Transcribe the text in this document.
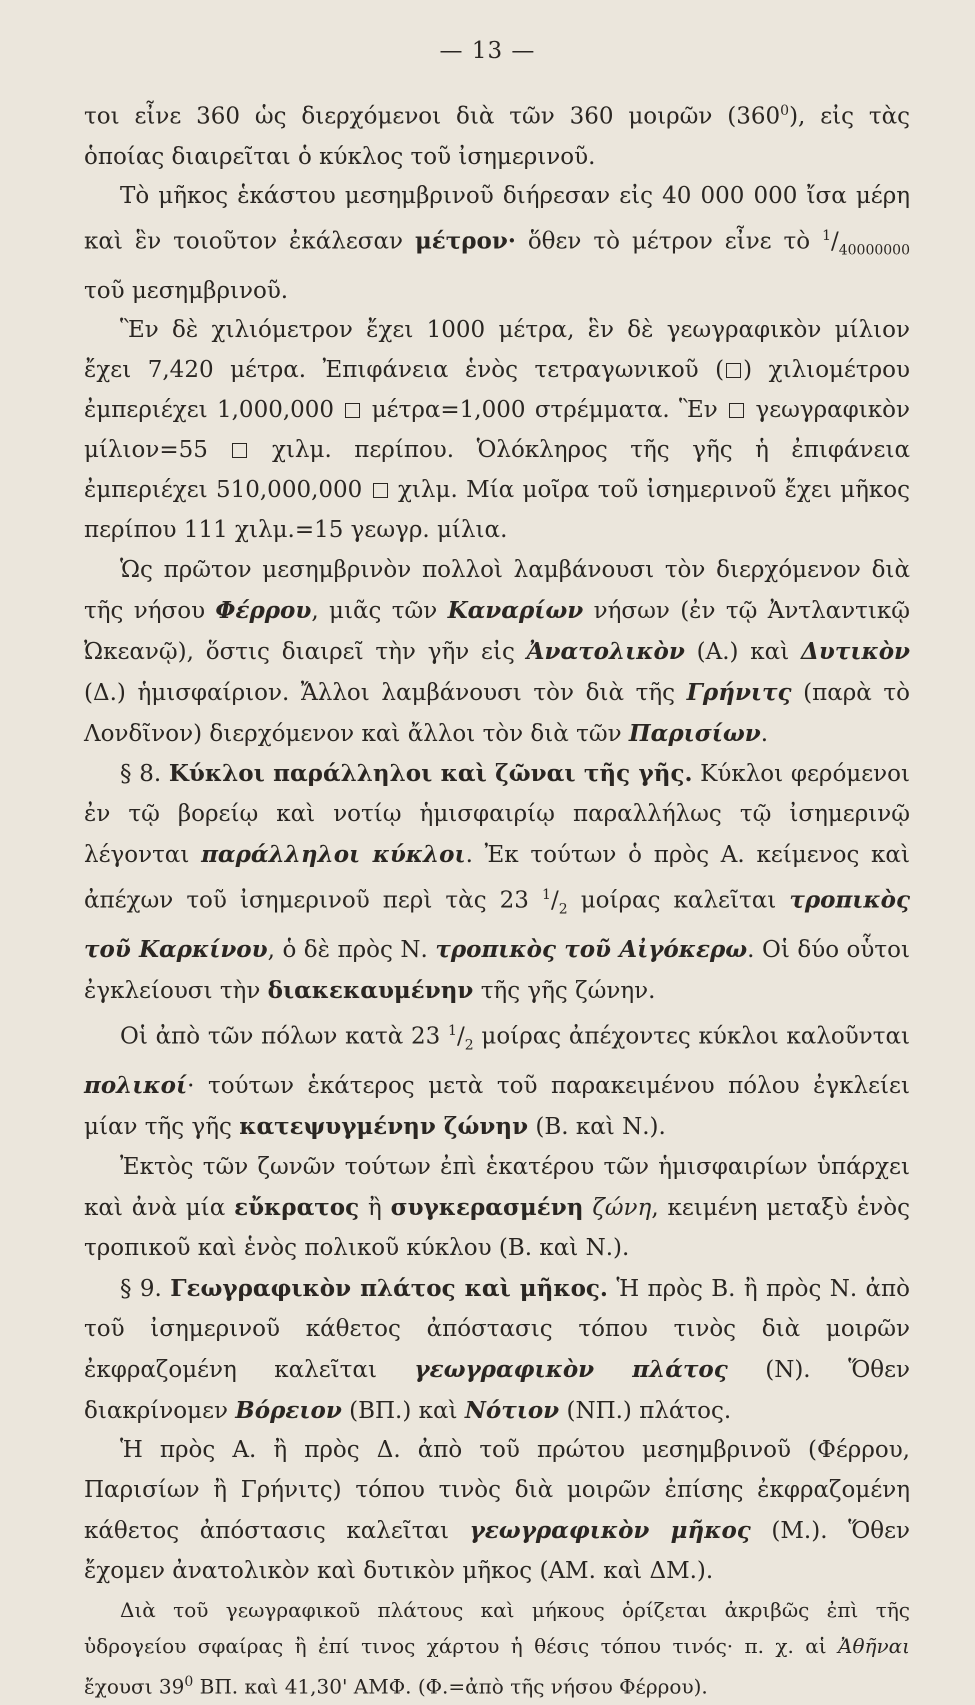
— 13 —

τοι εἶνε 360 ὡς διερχόμενοι διὰ τῶν 360 μοιρῶν $(360^0)$, εἰς τὰς ὁποίας διαιρεῖται ὁ κύκλος τοῦ ἰσημερινοῦ.

Τὸ μῆκος ἑκάστου μεσημβρινοῦ διήρεσαν εἰς 40 000 000 ἴσα μέρη καὶ ἓν τοιοῦτον ἐκάλεσαν μέτρον· ὅθεν τὸ μέτρον εἶνε τὸ $^1/_{40000000}$ τοῦ μεσημβρινοῦ.

Ἓν δὲ χιλιόμετρον ἔχει 1000 μέτρα, ἓν δὲ γεωγραφικὸν μίλιον ἔχει 7,420 μέτρα. Ἐπιφάνεια ἑνὸς τετραγωνικοῦ ( ) χιλιομέτρου ἐμπεριέχει 1,000,000  μέτρα=1,000 στρέμματα. Ἓν  γεωγραφικὸν μίλιον=55  χιλμ. περίπου. Ὁλόκληρος τῆς γῆς ἡ ἐπιφάνεια ἐμπεριέχει 510,000,000  χιλμ. Μία μοῖρα τοῦ ἰσημερινοῦ ἔχει μῆκος περίπου 111 χιλμ.=15 γεωγρ. μίλια.

Ὡς πρῶτον μεσημβρινὸν πολλοὶ λαμβάνουσι τὸν διερχόμενον διὰ τῆς νήσου Φέρρου, μιᾶς τῶν Καναρίων νήσων (ἐν τῷ Ἀντλαντικῷ Ὠκεανῷ), ὅστις διαιρεῖ τὴν γῆν εἰς Ἀνατολικὸν (Α.) καὶ Δυτικὸν (Δ.) ἡμισφαίριον. Ἄλλοι λαμβάνουσι τὸν διὰ τῆς Γρήνιτς (παρὰ τὸ Λονδῖνον) διερχόμενον καὶ ἄλλοι τὸν διὰ τῶν Παρισίων.

§ 8. Κύκλοι παράλληλοι καὶ ζῶναι τῆς γῆς. Κύκλοι φερόμενοι ἐν τῷ βορείῳ καὶ νοτίῳ ἡμισφαιρίῳ παραλλήλως τῷ ἰσημερινῷ λέγονται παράλληλοι κύκλοι. Ἐκ τούτων ὁ πρὸς Α. κείμενος καὶ ἀπέχων τοῦ ἰσημερινοῦ περὶ τὰς 23 $^1/_2$ μοίρας καλεῖται τροπικὸς τοῦ Καρκίνου, ὁ δὲ πρὸς Ν. τροπικὸς τοῦ Αἰγόκερω. Οἱ δύο οὗτοι ἐγκλείουσι τὴν διακεκαυμένην τῆς γῆς ζώνην.

Οἱ ἀπὸ τῶν πόλων κατὰ 23 $^1/_2$ μοίρας ἀπέχοντες κύκλοι καλοῦνται πολικοί· τούτων ἑκάτερος μετὰ τοῦ παρακειμένου πόλου ἐγκλείει μίαν τῆς γῆς κατεψυγμένην ζώνην (Β. καὶ Ν.).

Ἐκτὸς τῶν ζωνῶν τούτων ἐπὶ ἑκατέρου τῶν ἡμισφαιρίων ὑπάρχει καὶ ἀνὰ μία εὔκρατος ἢ συγκερασμένη ζώνη, κειμένη μεταξὺ ἑνὸς τροπικοῦ καὶ ἑνὸς πολικοῦ κύκλου (Β. καὶ Ν.).

§ 9. Γεωγραφικὸν πλάτος καὶ μῆκος. Ἡ πρὸς Β. ἢ πρὸς Ν. ἀπὸ τοῦ ἰσημερινοῦ κάθετος ἀπόστασις τόπου τινὸς διὰ μοιρῶν ἐκφραζομένη καλεῖται γεωγραφικὸν πλάτος (Ν). Ὅθεν διακρίνομεν Βόρειον (ΒΠ.) καὶ Νότιον (ΝΠ.) πλάτος.

Ἡ πρὸς Α. ἢ πρὸς Δ. ἀπὸ τοῦ πρώτου μεσημβρινοῦ (Φέρρου, Παρισίων ἢ Γρήνιτς) τόπου τινὸς διὰ μοιρῶν ἐπίσης ἐκφραζομένη κάθετος ἀπόστασις καλεῖται γεωγραφικὸν μῆκος (Μ.). Ὅθεν ἔχομεν ἀνατολικὸν καὶ δυτικὸν μῆκος (ΑΜ. καὶ ΔΜ.).

Διὰ τοῦ γεωγραφικοῦ πλάτους καὶ μήκους ὁρίζεται ἀκριβῶς ἐπὶ τῆς ὑδρογείου σφαίρας ἢ ἐπί τινος χάρτου ἡ θέσις τόπου τινός· π. χ. αἱ Ἀθῆναι ἔχουσι $39^0$ ΒΠ. καὶ 41,30' ΑΜΦ. (Φ.=ἀπὸ τῆς νήσου Φέρρου).
